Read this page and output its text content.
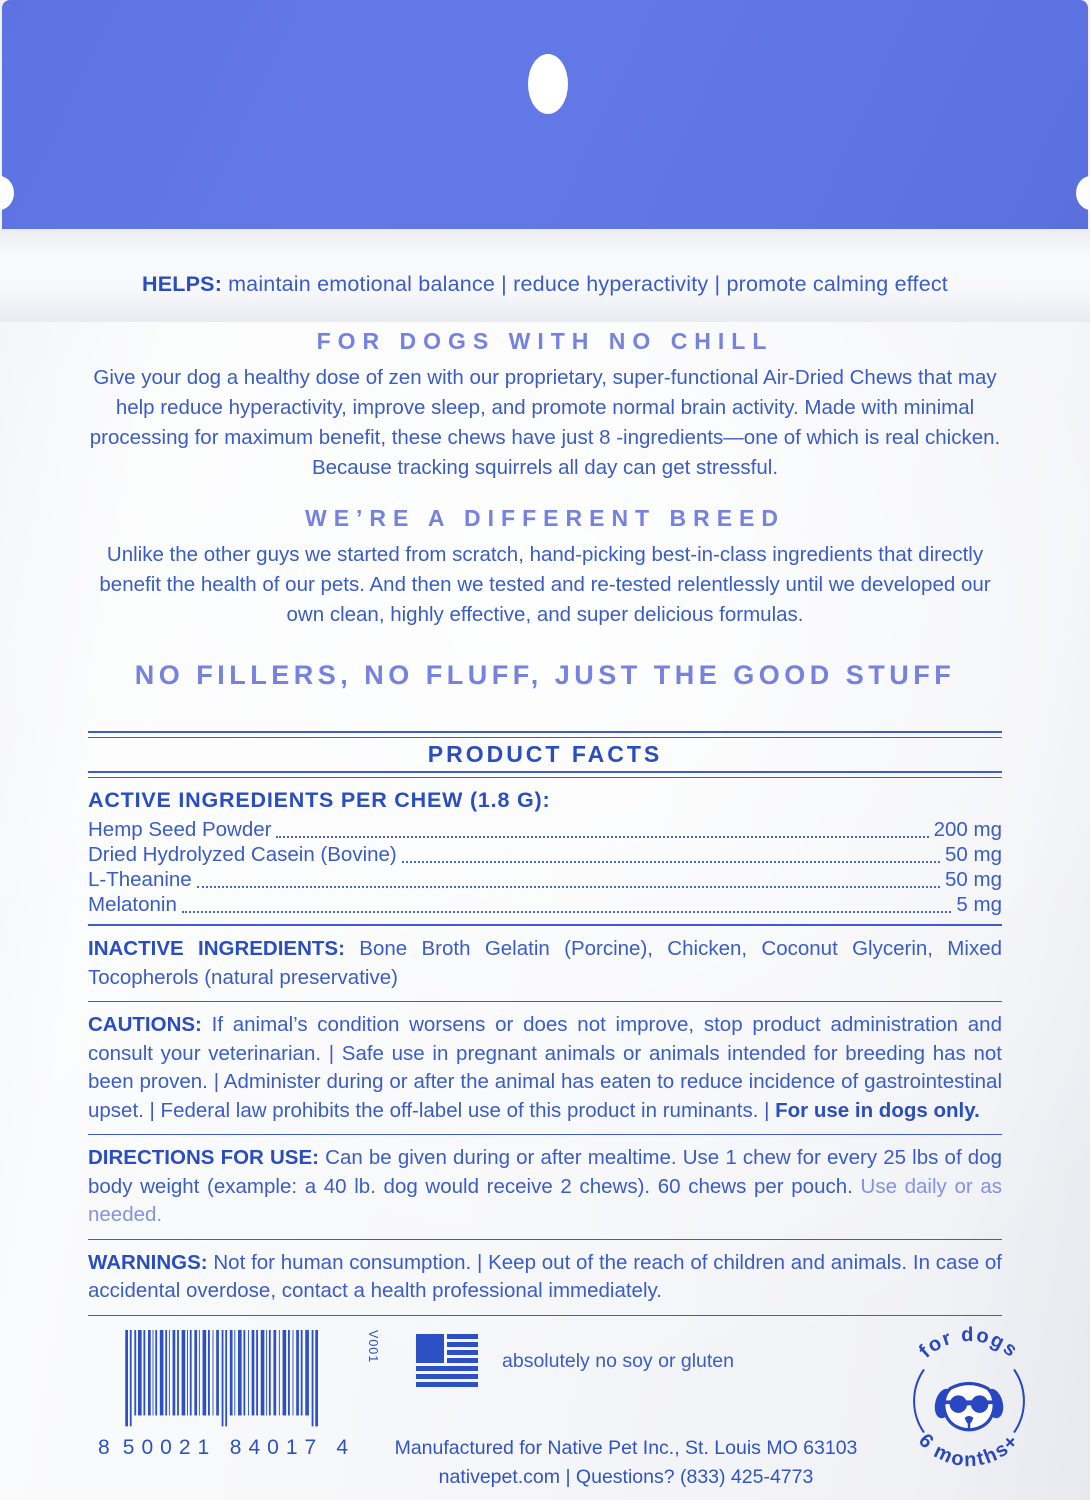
HELPS: maintain emotional balance | reduce hyperactivity | promote calming effect
FOR DOGS WITH NO CHILL

Give your dog a healthy dose of zen with our proprietary, super-functional Air-Dried Chews that may help reduce hyperactivity, improve sleep, and promote normal brain activity. Made with minimal processing for maximum benefit, these chews have just 8 -ingredients—one of which is real chicken. Because tracking squirrels all day can get stressful.

WE’RE A DIFFERENT BREED

Unlike the other guys we started from scratch, hand-picking best-in-class ingredients that directly benefit the health of our pets. And then we tested and re-tested relentlessly until we developed our own clean, highly effective, and super delicious formulas.

NO FILLERS, NO FLUFF, JUST THE GOOD STUFF
PRODUCT FACTS
ACTIVE INGREDIENTS PER CHEW (1.8 G):
Hemp Seed Powder	200 mg
Dried Hydrolyzed Casein (Bovine)	50 mg
L-Theanine	50 mg
Melatonin	5 mg

INACTIVE INGREDIENTS: Bone Broth Gelatin (Porcine), Chicken, Coconut Glycerin, Mixed Tocopherols (natural preservative)

CAUTIONS: If animal’s condition worsens or does not improve, stop product administration and consult your veterinarian. | Safe use in pregnant animals or animals intended for breeding has not been proven. | Administer during or after the animal has eaten to reduce incidence of gastrointestinal upset. | Federal law prohibits the off-label use of this product in ruminants. | For use in dogs only.

DIRECTIONS FOR USE: Can be given during or after mealtime. Use 1 chew for every 25 lbs of dog body weight (example: a 40 lb. dog would receive 2 chews). 60 chews per pouch. Use daily or as needed.

WARNINGS: Not for human consumption. | Keep out of the reach of children and animals. In case of accidental overdose, contact a health professional immediately.

V001
8 50021 84017 4
absolutely no soy or gluten
Manufactured for Native Pet Inc., St. Louis MO 63103
nativepet.com | Questions? (833) 425-4773
for dogs
6 months+
